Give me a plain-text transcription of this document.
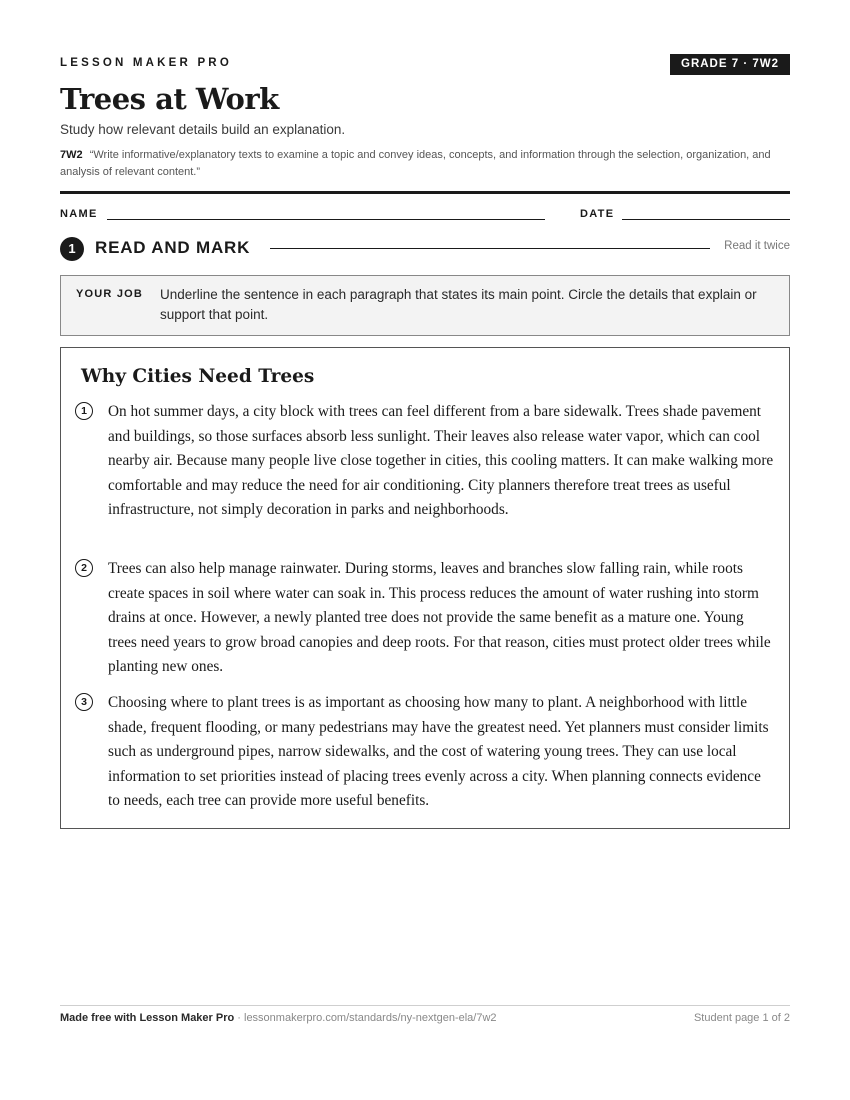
LESSON MAKER PRO	GRADE 7 · 7W2
Trees at Work
Study how relevant details build an explanation.
7W2 “Write informative/explanatory texts to examine a topic and convey ideas, concepts, and information through the selection, organization, and analysis of relevant content.”
NAME	DATE
1	READ AND MARK	Read it twice
YOUR JOB Underline the sentence in each paragraph that states its main point. Circle the details that explain or support that point.
Why Cities Need Trees
1	On hot summer days, a city block with trees can feel different from a bare sidewalk. Trees shade pavement and buildings, so those surfaces absorb less sunlight. Their leaves also release water vapor, which can cool nearby air. Because many people live close together in cities, this cooling matters. It can make walking more comfortable and may reduce the need for air conditioning. City planners therefore treat trees as useful infrastructure, not simply decoration in parks and neighborhoods.
2	Trees can also help manage rainwater. During storms, leaves and branches slow falling rain, while roots create spaces in soil where water can soak in. This process reduces the amount of water rushing into storm drains at once. However, a newly planted tree does not provide the same benefit as a mature one. Young trees need years to grow broad canopies and deep roots. For that reason, cities must protect older trees while planting new ones.
3	Choosing where to plant trees is as important as choosing how many to plant. A neighborhood with little shade, frequent flooding, or many pedestrians may have the greatest need. Yet planners must consider limits such as underground pipes, narrow sidewalks, and the cost of watering young trees. They can use local information to set priorities instead of placing trees evenly across a city. When planning connects evidence to needs, each tree can provide more useful benefits.
Made free with Lesson Maker Pro · lessonmakerpro.com/standards/ny-nextgen-ela/7w2	Student page 1 of 2
